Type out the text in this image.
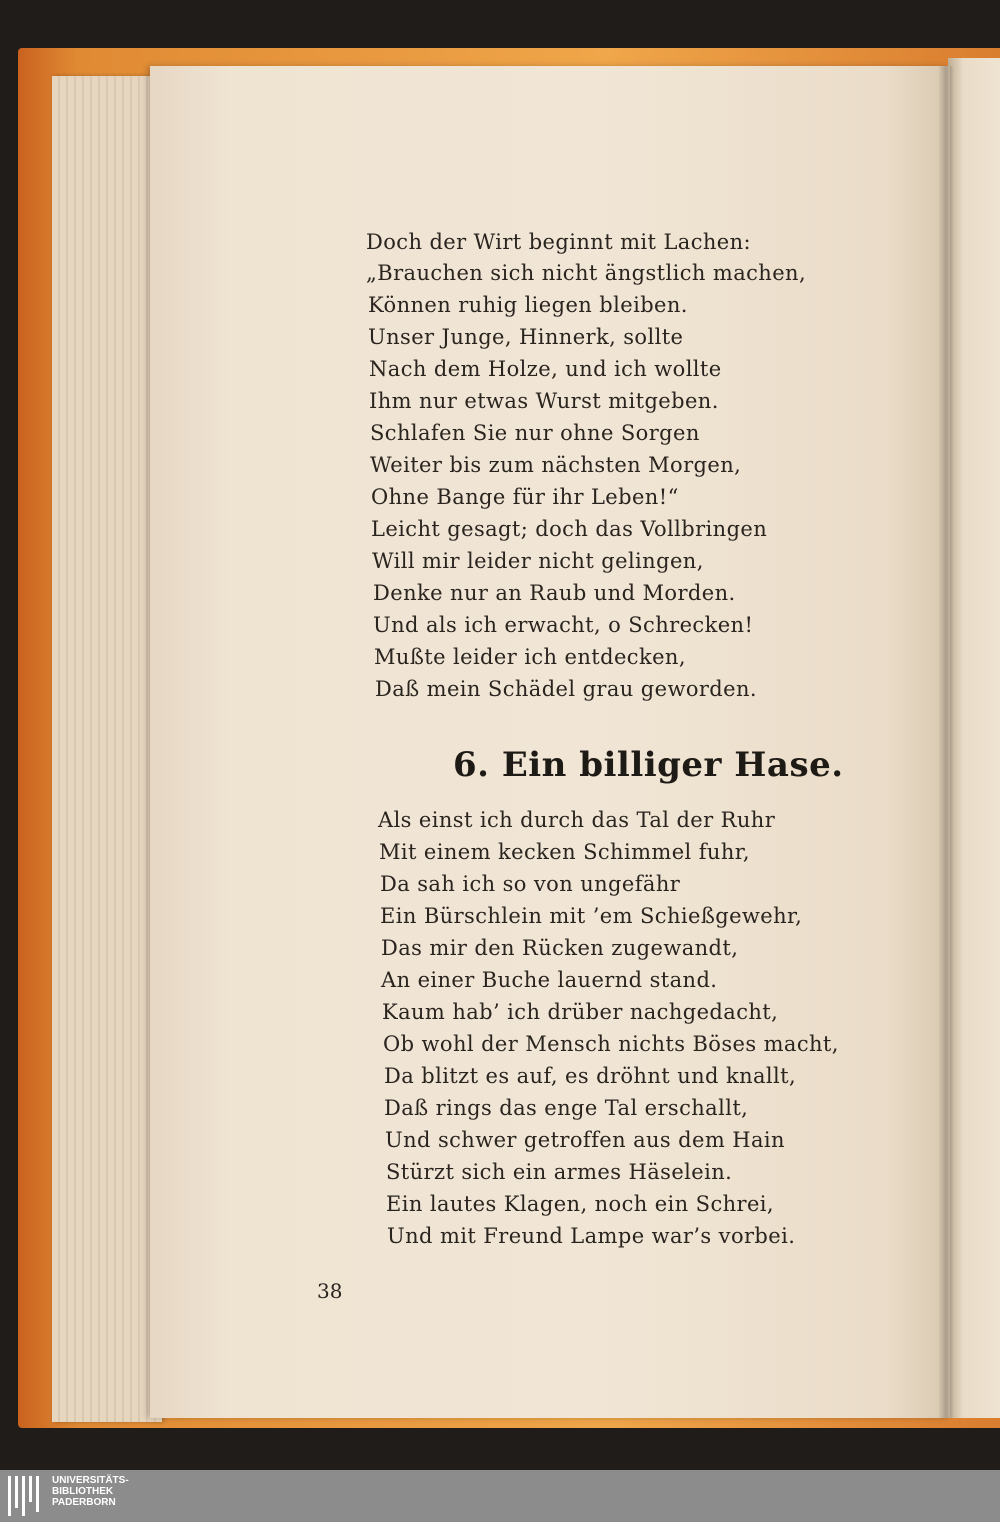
Doch der Wirt beginnt mit Lachen:
„Brauchen sich nicht ängstlich machen,
Können ruhig liegen bleiben.
Unser Junge, Hinnerk, sollte
Nach dem Holze, und ich wollte
Ihm nur etwas Wurst mitgeben.
Schlafen Sie nur ohne Sorgen
Weiter bis zum nächsten Morgen,
Ohne Bange für ihr Leben!“
Leicht gesagt; doch das Vollbringen
Will mir leider nicht gelingen,
Denke nur an Raub und Morden.
Und als ich erwacht, o Schrecken!
Mußte leider ich entdecken,
Daß mein Schädel grau geworden.
6. Ein billiger Hase.
Als einst ich durch das Tal der Ruhr
Mit einem kecken Schimmel fuhr,
Da sah ich so von ungefähr
Ein Bürschlein mit ’em Schießgewehr,
Das mir den Rücken zugewandt,
An einer Buche lauernd stand.
Kaum hab’ ich drüber nachgedacht,
Ob wohl der Mensch nichts Böses macht,
Da blitzt es auf, es dröhnt und knallt,
Daß rings das enge Tal erschallt,
Und schwer getroffen aus dem Hain
Stürzt sich ein armes Häselein.
Ein lautes Klagen, noch ein Schrei,
Und mit Freund Lampe war’s vorbei.
38
UNIVERSITÄTS-
BIBLIOTHEK
PADERBORN
